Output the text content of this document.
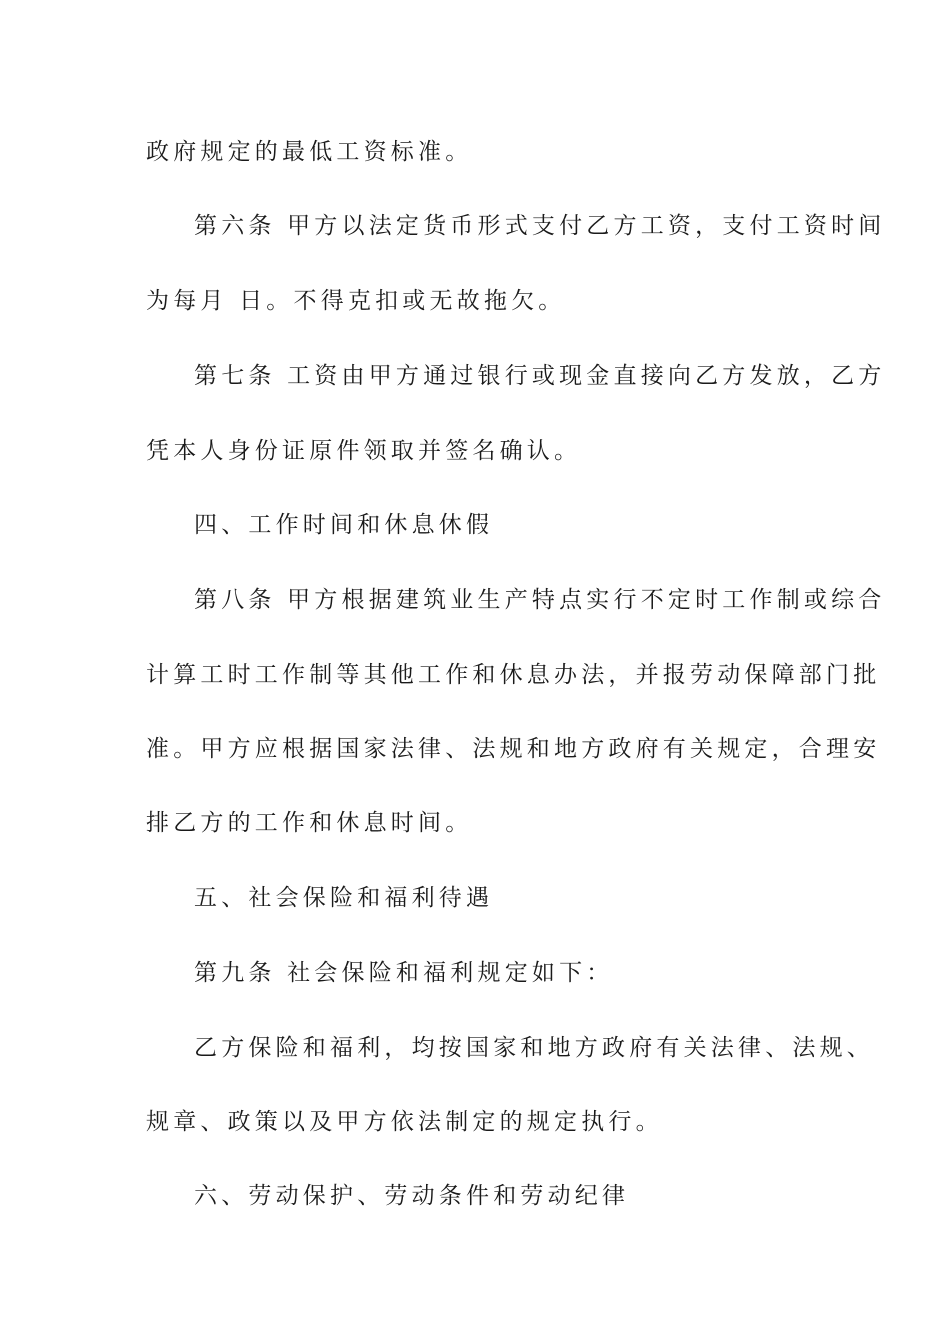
政府规定的最低工资标准。
第六条 甲方以法定货币形式支付乙方工资，支付工资时间
为每月 日。不得克扣或无故拖欠。
第七条 工资由甲方通过银行或现金直接向乙方发放，乙方
凭本人身份证原件领取并签名确认。
四、工作时间和休息休假
第八条 甲方根据建筑业生产特点实行不定时工作制或综合
计算工时工作制等其他工作和休息办法，并报劳动保障部门批
准。甲方应根据国家法律、法规和地方政府有关规定，合理安
排乙方的工作和休息时间。
五、社会保险和福利待遇
第九条 社会保险和福利规定如下：
乙方保险和福利，均按国家和地方政府有关法律、法规、
规章、政策以及甲方依法制定的规定执行。
六、劳动保护、劳动条件和劳动纪律
